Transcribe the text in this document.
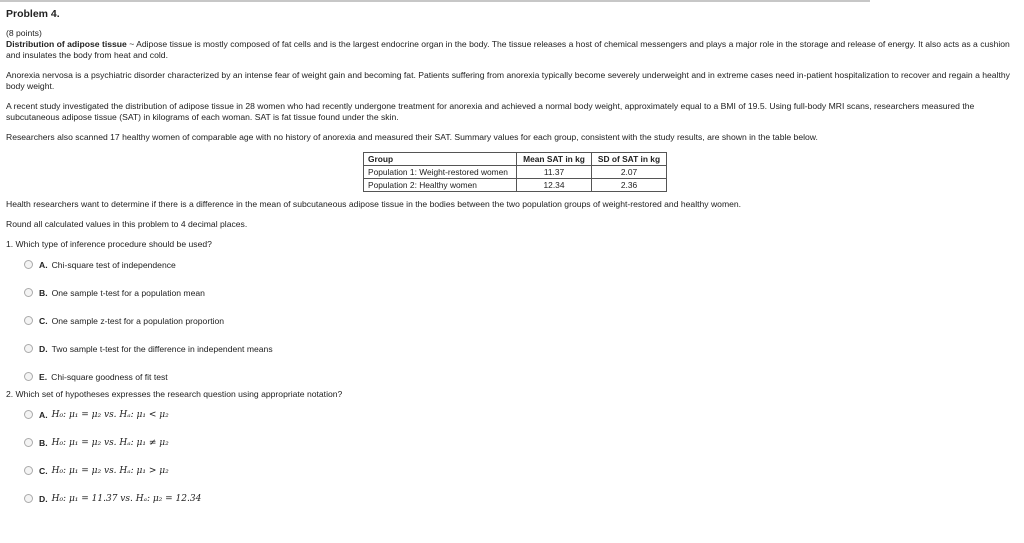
Problem 4.
(8 points)

Distribution of adipose tissue ~ Adipose tissue is mostly composed of fat cells and is the largest endocrine organ in the body. The tissue releases a host of chemical messengers and plays a major role in the storage and release of energy. It also acts as a cushion and insulates the body from heat and cold.

Anorexia nervosa is a psychiatric disorder characterized by an intense fear of weight gain and becoming fat. Patients suffering from anorexia typically become severely underweight and in extreme cases need in-patient hospitalization to recover and regain a healthy body weight.

A recent study investigated the distribution of adipose tissue in 28 women who had recently undergone treatment for anorexia and achieved a normal body weight, approximately equal to a BMI of 19.5. Using full-body MRI scans, researchers measured the subcutaneous adipose tissue (SAT) in kilograms of each woman. SAT is fat tissue found under the skin.

Researchers also scanned 17 healthy women of comparable age with no history of anorexia and measured their SAT. Summary values for each group, consistent with the study results, are shown in the table below.

Group	Mean SAT in kg	SD of SAT in kg
Population 1: Weight-restored women	11.37	2.07
Population 2: Healthy women	12.34	2.36

Health researchers want to determine if there is a difference in the mean of subcutaneous adipose tissue in the bodies between the two population groups of weight-restored and healthy women.

Round all calculated values in this problem to 4 decimal places.

1. Which type of inference procedure should be used?
A. Chi-square test of independence
B. One sample t-test for a population mean
C. One sample z-test for a population proportion
D. Two sample t-test for the difference in independent means
E. Chi-square goodness of fit test
2. Which set of hypotheses expresses the research question using appropriate notation?
A. H₀: μ₁ = μ₂ vs. Hₐ: μ₁ < μ₂
B. H₀: μ₁ = μ₂ vs. Hₐ: μ₁ ≠ μ₂
C. H₀: μ₁ = μ₂ vs. Hₐ: μ₁ > μ₂
D. H₀: μ₁ = 11.37 vs. Hₐ: μ₂ = 12.34
